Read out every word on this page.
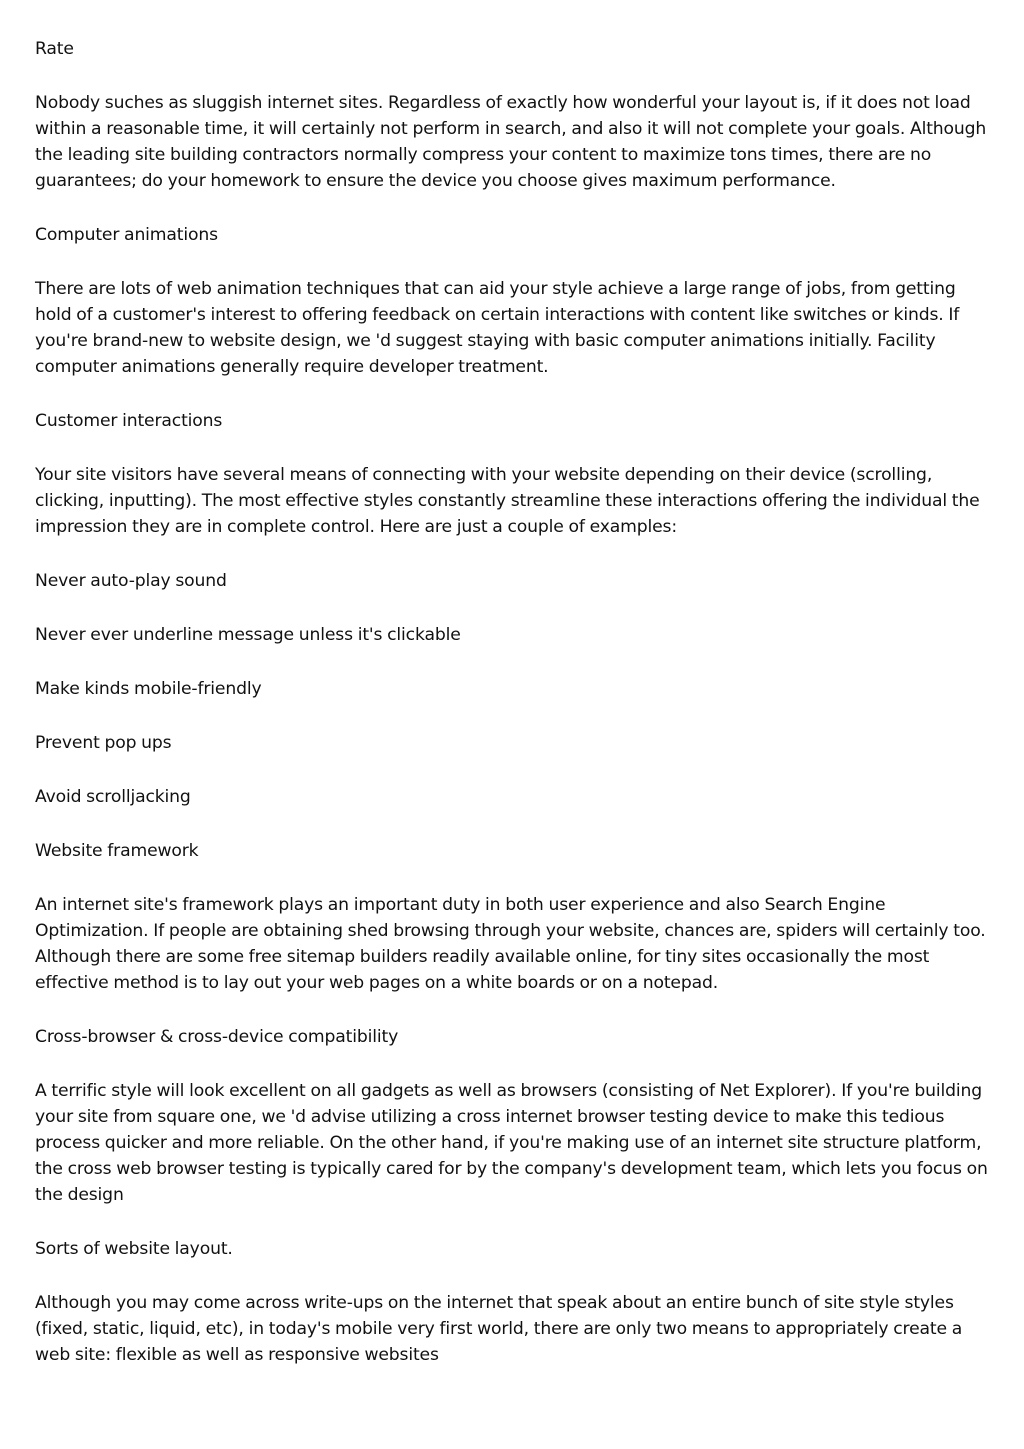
Rate

Nobody suches as sluggish internet sites. Regardless of exactly how wonderful your layout is, if it does not load within a reasonable time, it will certainly not perform in search, and also it will not complete your goals. Although the leading site building contractors normally compress your content to maximize tons times, there are no guarantees; do your homework to ensure the device you choose gives maximum performance.

Computer animations

There are lots of web animation techniques that can aid your style achieve a large range of jobs, from getting hold of a customer's interest to offering feedback on certain interactions with content like switches or kinds. If you're brand-new to website design, we 'd suggest staying with basic computer animations initially. Facility computer animations generally require developer treatment.

Customer interactions

Your site visitors have several means of connecting with your website depending on their device (scrolling, clicking, inputting). The most effective styles constantly streamline these interactions offering the individual the impression they are in complete control. Here are just a couple of examples:

Never auto-play sound

Never ever underline message unless it's clickable

Make kinds mobile-friendly

Prevent pop ups

Avoid scrolljacking

Website framework

An internet site's framework plays an important duty in both user experience and also Search Engine Optimization. If people are obtaining shed browsing through your website, chances are, spiders will certainly too. Although there are some free sitemap builders readily available online, for tiny sites occasionally the most effective method is to lay out your web pages on a white boards or on a notepad.

Cross-browser & cross-device compatibility

A terrific style will look excellent on all gadgets as well as browsers (consisting of Net Explorer). If you're building your site from square one, we 'd advise utilizing a cross internet browser testing device to make this tedious process quicker and more reliable. On the other hand, if you're making use of an internet site structure platform, the cross web browser testing is typically cared for by the company's development team, which lets you focus on the design

Sorts of website layout.

Although you may come across write-ups on the internet that speak about an entire bunch of site style styles (fixed, static, liquid, etc), in today's mobile very first world, there are only two means to appropriately create a web site: flexible as well as responsive websites
